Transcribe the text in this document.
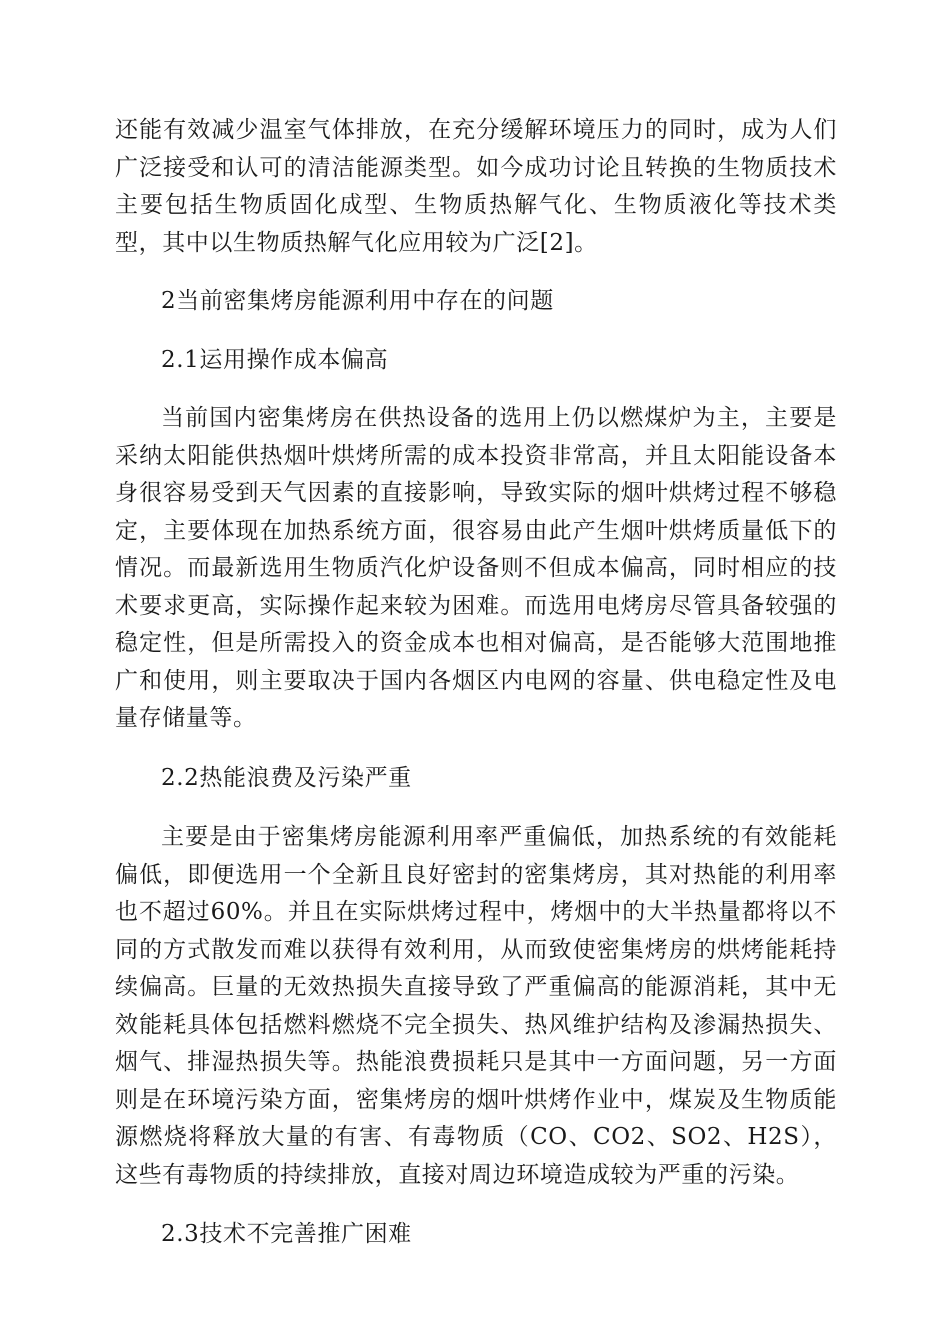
还能有效减少温室气体排放，在充分缓解环境压力的同时，成为人们广泛接受和认可的清洁能源类型。如今成功讨论且转换的生物质技术主要包括生物质固化成型、生物质热解气化、生物质液化等技术类型，其中以生物质热解气化应用较为广泛[2]。

2当前密集烤房能源利用中存在的问题

2.1运用操作成本偏高

当前国内密集烤房在供热设备的选用上仍以燃煤炉为主，主要是采纳太阳能供热烟叶烘烤所需的成本投资非常高，并且太阳能设备本身很容易受到天气因素的直接影响，导致实际的烟叶烘烤过程不够稳定，主要体现在加热系统方面，很容易由此产生烟叶烘烤质量低下的情况。而最新选用生物质汽化炉设备则不但成本偏高，同时相应的技术要求更高，实际操作起来较为困难。而选用电烤房尽管具备较强的稳定性，但是所需投入的资金成本也相对偏高，是否能够大范围地推广和使用，则主要取决于国内各烟区内电网的容量、供电稳定性及电量存储量等。

2.2热能浪费及污染严重

主要是由于密集烤房能源利用率严重偏低，加热系统的有效能耗偏低，即便选用一个全新且良好密封的密集烤房，其对热能的利用率也不超过60%。并且在实际烘烤过程中，烤烟中的大半热量都将以不同的方式散发而难以获得有效利用，从而致使密集烤房的烘烤能耗持续偏高。巨量的无效热损失直接导致了严重偏高的能源消耗，其中无效能耗具体包括燃料燃烧不完全损失、热风维护结构及渗漏热损失、烟气、排湿热损失等。热能浪费损耗只是其中一方面问题，另一方面则是在环境污染方面，密集烤房的烟叶烘烤作业中，煤炭及生物质能源燃烧将释放大量的有害、有毒物质（CO、CO2、SO2、H2S），这些有毒物质的持续排放，直接对周边环境造成较为严重的污染。

2.3技术不完善推广困难
